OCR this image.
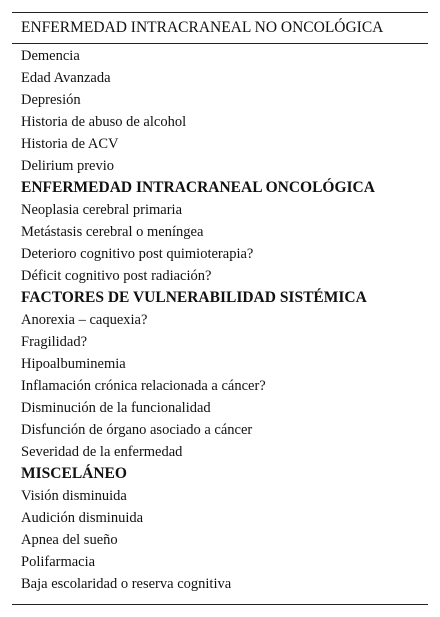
ENFERMEDAD INTRACRANEAL NO ONCOLÓGICA
Demencia
Edad Avanzada
Depresión
Historia de abuso de alcohol
Historia de ACV
Delirium previo
ENFERMEDAD INTRACRANEAL ONCOLÓGICA
Neoplasia cerebral primaria
Metástasis cerebral o meníngea
Deterioro cognitivo post quimioterapia?
Déficit cognitivo post radiación?
FACTORES DE VULNERABILIDAD SISTÉMICA
Anorexia – caquexia?
Fragilidad?
Hipoalbuminemia
Inflamación crónica relacionada a cáncer?
Disminución de la funcionalidad
Disfunción de órgano asociado a cáncer
Severidad de la enfermedad
MISCELÁNEO
Visión disminuida
Audición disminuida
Apnea del sueño
Polifarmacia
Baja escolaridad o reserva cognitiva
